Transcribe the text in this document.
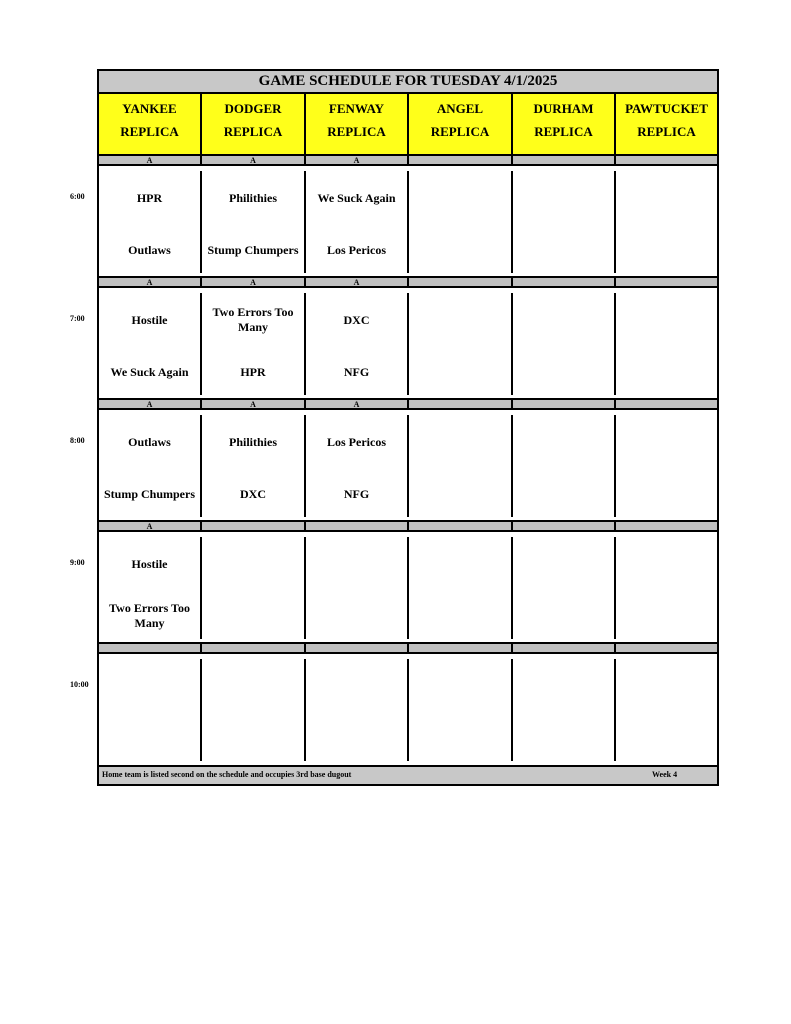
GAME SCHEDULE FOR TUESDAY 4/1/2025
YANKEE
REPLICA
DODGER
REPLICA
FENWAY
REPLICA
ANGEL
REPLICA
DURHAM
REPLICA
PAWTUCKET
REPLICA
A
HPR
Outlaws
A
Philithies
Stump Chumpers
A
We Suck Again
Los Pericos
A
Hostile
We Suck Again
A
Two Errors Too Many
HPR
A
DXC
NFG
A
Outlaws
Stump Chumpers
A
Philithies
DXC
A
Los Pericos
NFG
A
Hostile
Two Errors Too Many
Home team is listed second on the schedule and occupies 3rd base dugout	Week 4
6:00
7:00
8:00
9:00
10:00
